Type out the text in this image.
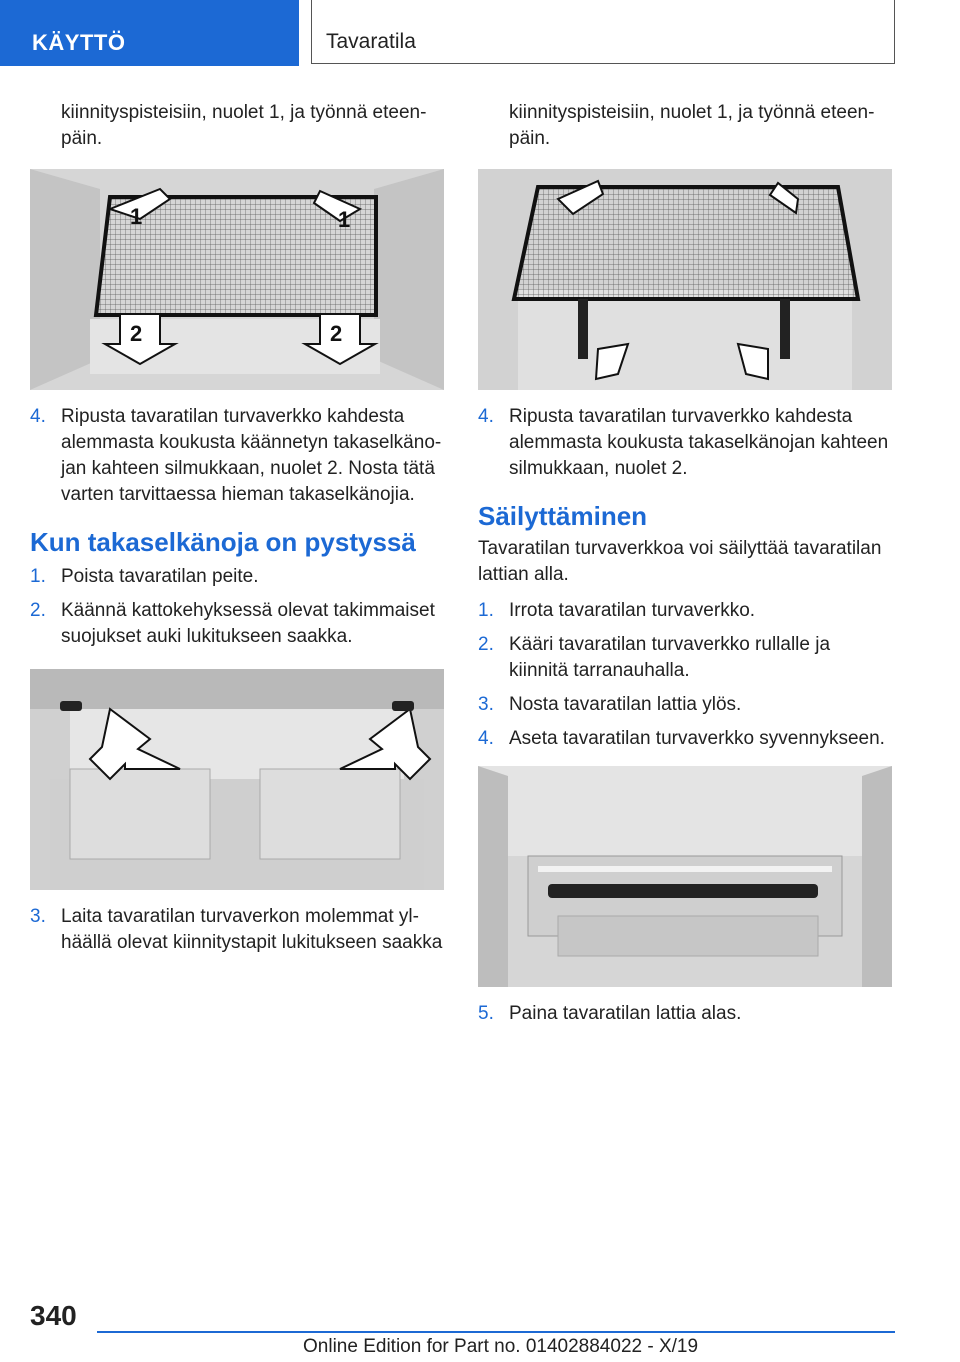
KÄYTTÖ	Tavaratila
kiinnityspisteisiin, nuolet 1, ja työnnä eteen-
päin.
1	1
2	2
4. Ripusta tavaratilan turvaverkko kahdesta alemmasta koukusta käännetyn takaselkäno-jan kahteen silmukkaan, nuolet 2. Nosta tätä varten tarvittaessa hieman takaselkänojia.
Kun takaselkänoja on pystyssä
1. Poista tavaratilan peite.
2. Käännä kattokehyksessä olevat takimmaiset suojukset auki lukitukseen saakka.
3. Laita tavaratilan turvaverkon molemmat yl-häällä olevat kiinnitystapit lukitukseen saakka
kiinnityspisteisiin, nuolet 1, ja työnnä eteen-
päin.
4. Ripusta tavaratilan turvaverkko kahdesta alemmasta koukusta takaselkänojan kahteen silmukkaan, nuolet 2.
Säilyttäminen
Tavaratilan turvaverkkoa voi säilyttää tavaratilan lattian alla.
1. Irrota tavaratilan turvaverkko.
2. Kääri tavaratilan turvaverkko rullalle ja kiinnitä tarranauhalla.
3. Nosta tavaratilan lattia ylös.
4. Aseta tavaratilan turvaverkko syvennykseen.
5. Paina tavaratilan lattia alas.
340
Online Edition for Part no. 01402884022 - X/19
